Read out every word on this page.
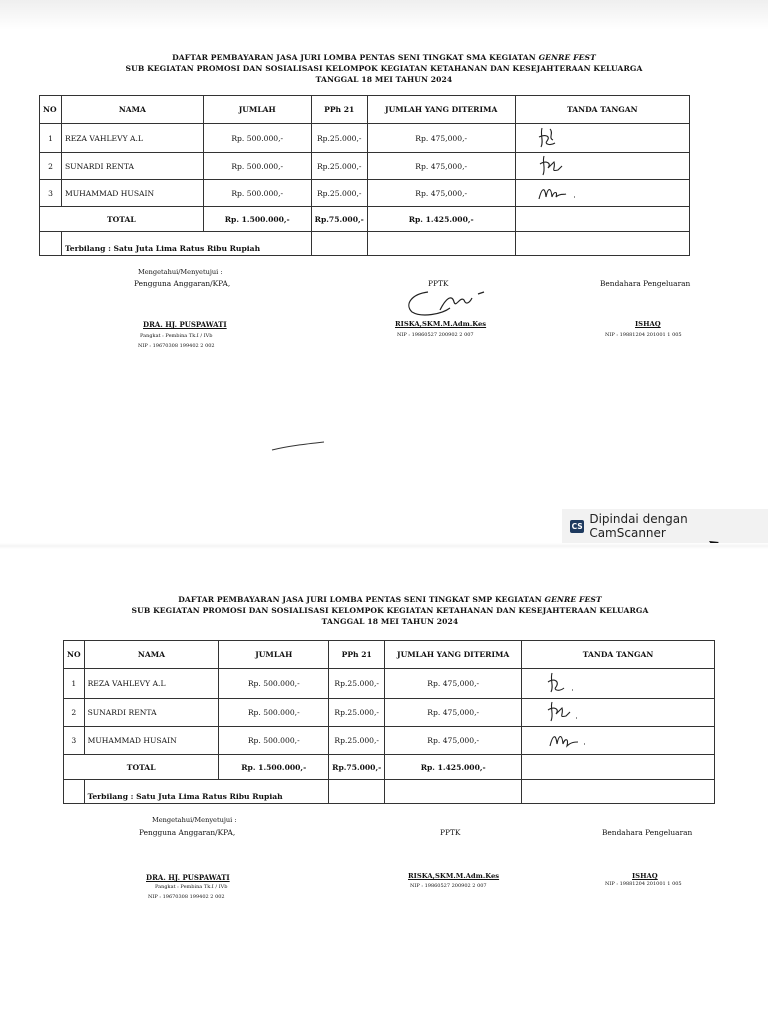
DAFTAR PEMBAYARAN JASA JURI LOMBA PENTAS SENI TINGKAT SMA KEGIATAN GENRE FEST
SUB KEGIATAN PROMOSI DAN SOSIALISASI KELOMPOK KEGIATAN KETAHANAN DAN KESEJAHTERAAN KELUARGA
TANGGAL 18 MEI TAHUN 2024
NO	NAMA	JUMLAH	PPh 21	JUMLAH YANG DITERIMA	TANDA TANGAN
1	REZA VAHLEVY A.L	Rp. 500.000,-	Rp.25.000,-	Rp. 475,000,-	

2	SUNARDI RENTA	Rp. 500.000,-	Rp.25.000,-	Rp. 475,000,-	

3	MUHAMMAD HUSAIN	Rp. 500.000,-	Rp.25.000,-	Rp. 475,000,-	

TOTAL		Rp. 1.500.000,-	Rp.75.000,-	Rp. 1.425.000,-	
	Terbilang : Satu Juta Lima Ratus Ribu Rupiah				
Mengetahui/Menyetujui :
Pengguna Anggaran/KPA,
DRA. HJ. PUSPAWATI
Pangkat : Pembina Tk.I / IVb
NIP : 19670308 199402 2 002
PPTK
RISKA,SKM.M.Adm.Kes
NIP : 19860527 200902 2 007
Bendahara Pengeluaran
ISHAQ
NIP : 19881204 201001 1 005
CS Dipindai dengan CamScanner
DAFTAR PEMBAYARAN JASA JURI LOMBA PENTAS SENI TINGKAT SMP KEGIATAN GENRE FEST
SUB KEGIATAN PROMOSI DAN SOSIALISASI KELOMPOK KEGIATAN KETAHANAN DAN KESEJAHTERAAN KELUARGA
TANGGAL 18 MEI TAHUN 2024
NO	NAMA	JUMLAH	PPh 21	JUMLAH YANG DITERIMA	TANDA TANGAN
1	REZA VAHLEVY A.L	Rp. 500.000,-	Rp.25.000,-	Rp. 475,000,-	

2	SUNARDI RENTA	Rp. 500.000,-	Rp.25.000,-	Rp. 475,000,-	

3	MUHAMMAD HUSAIN	Rp. 500.000,-	Rp.25.000,-	Rp. 475,000,-	

TOTAL		Rp. 1.500.000,-	Rp.75.000,-	Rp. 1.425.000,-	
	Terbilang : Satu Juta Lima Ratus Ribu Rupiah				
Mengetahui/Menyetujui :
Pengguna Anggaran/KPA,
DRA. HJ. PUSPAWATI
Pangkat : Pembina Tk.I / IVb
NIP : 19670308 199402 2 002
PPTK
RISKA,SKM.M.Adm.Kes
NIP : 19860527 200902 2 007
Bendahara Pengeluaran
ISHAQ
NIP : 19881204 201001 1 005
